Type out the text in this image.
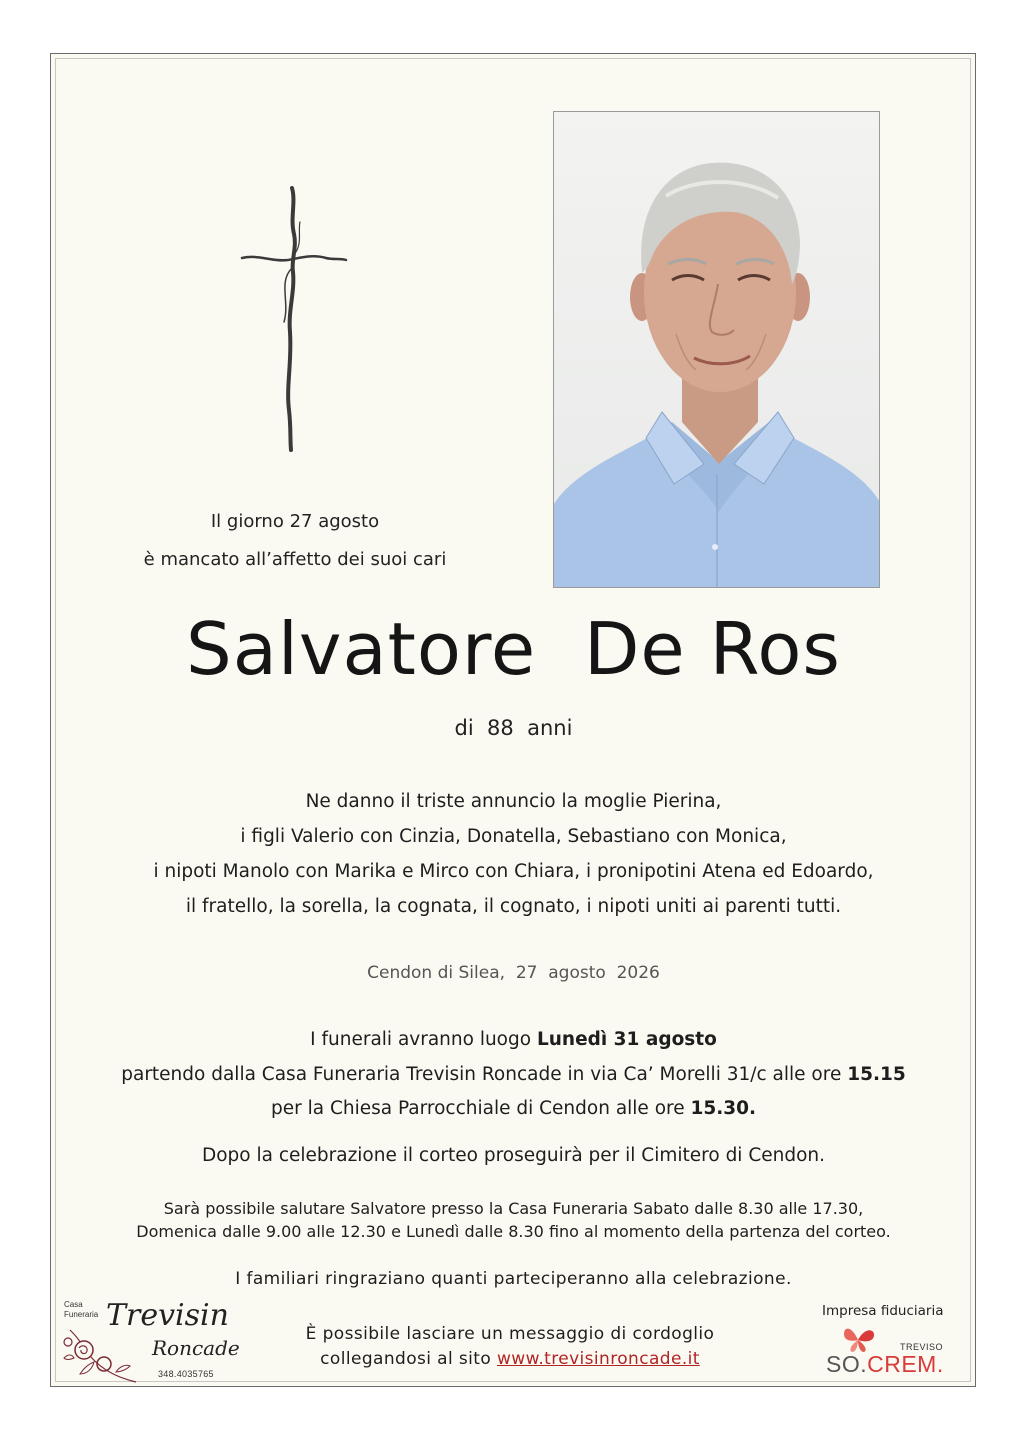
Il giorno 27 agosto
è mancato all’affetto dei suoi cari
Salvatore  De Ros
di  88  anni
Ne danno il triste annuncio la moglie Pierina,
i figli Valerio con Cinzia, Donatella, Sebastiano con Monica,
i nipoti Manolo con Marika e Mirco con Chiara, i pronipotini Atena ed Edoardo,
il fratello, la sorella, la cognata, il cognato, i nipoti uniti ai parenti tutti.
Cendon di Silea,  27  agosto  2026
I funerali avranno luogo Lunedì 31 agosto
partendo dalla Casa Funeraria Trevisin Roncade in via Ca’ Morelli 31/c alle ore 15.15
per la Chiesa Parrocchiale di Cendon alle ore 15.30.
Dopo la celebrazione il corteo proseguirà per il Cimitero di Cendon.
Sarà possibile salutare Salvatore presso la Casa Funeraria Sabato dalle 8.30 alle 17.30,
Domenica dalle 9.00 alle 12.30 e Lunedì dalle 8.30 fino al momento della partenza del corteo.
I familiari ringraziano quanti parteciperanno alla celebrazione.
È possibile lasciare un messaggio di cordoglio
collegandosi al sito www.trevisinroncade.it
Casa
Funeraria Trevisin
Roncade
348.4035765
Impresa fiduciaria
TREVISO
SO.CREM.
